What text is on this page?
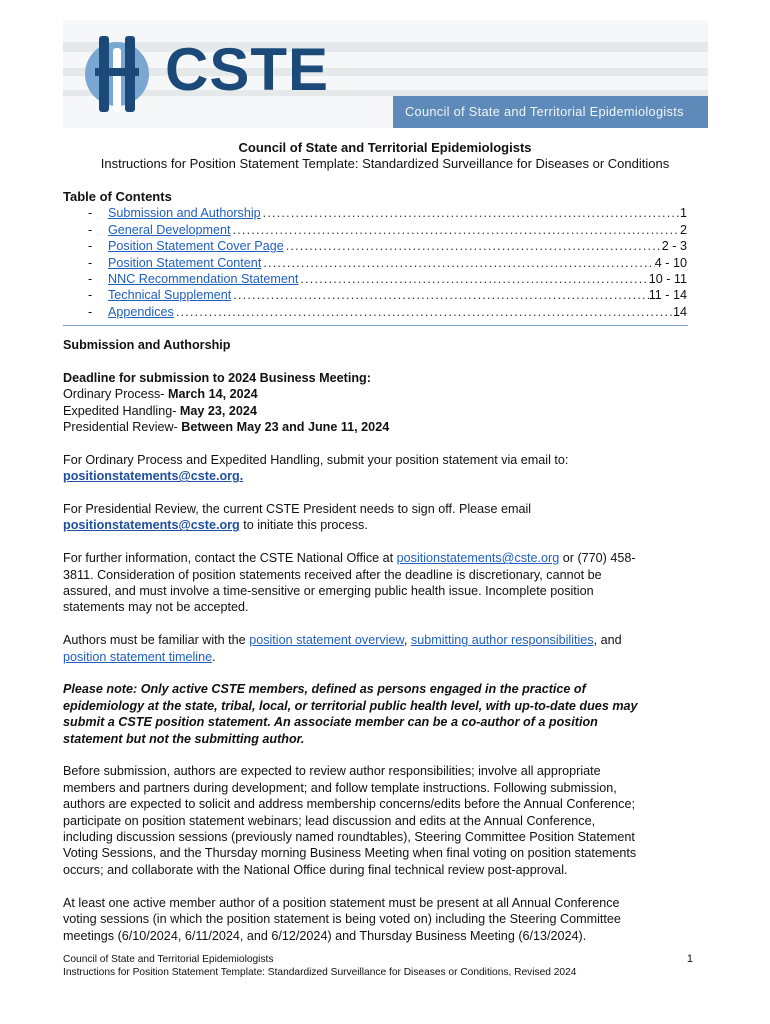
CSTE
Council of State and Territorial Epidemiologists
Council of State and Territorial Epidemiologists
Instructions for Position Statement Template: Standardized Surveillance for Diseases or Conditions
Table of Contents
-	Submission and Authorship .....	1
-	General Development .....	2
-	Position Statement Cover Page .....	2 - 3
-	Position Statement Content .....	4 - 10
-	NNC Recommendation Statement .....	10 - 11
-	Technical Supplement .....	11 - 14
-	Appendices .....	14

Submission and Authorship

Deadline for submission to 2024 Business Meeting:

Ordinary Process- March 14, 2024

Expedited Handling- May 23, 2024

Presidential Review- Between May 23 and June 11, 2024

For Ordinary Process and Expedited Handling, submit your position statement via email to:

positionstatements@cste.org.

For Presidential Review, the current CSTE President needs to sign off. Please email

positionstatements@cste.org to initiate this process.

For further information, contact the CSTE National Office at positionstatements@cste.org or (770) 458-

3811. Consideration of position statements received after the deadline is discretionary, cannot be

assured, and must involve a time-sensitive or emerging public health issue. Incomplete position

statements may not be accepted.

Authors must be familiar with the position statement overview, submitting author responsibilities, and

position statement timeline.

Please note: Only active CSTE members, defined as persons engaged in the practice of

epidemiology at the state, tribal, local, or territorial public health level, with up-to-date dues may

submit a CSTE position statement. An associate member can be a co-author of a position

statement but not the submitting author.

Before submission, authors are expected to review author responsibilities; involve all appropriate

members and partners during development; and follow template instructions. Following submission,

authors are expected to solicit and address membership concerns/edits before the Annual Conference;

participate on position statement webinars; lead discussion and edits at the Annual Conference,

including discussion sessions (previously named roundtables), Steering Committee Position Statement

Voting Sessions, and the Thursday morning Business Meeting when final voting on position statements

occurs; and collaborate with the National Office during final technical review post-approval.

At least one active member author of a position statement must be present at all Annual Conference

voting sessions (in which the position statement is being voted on) including the Steering Committee

meetings (6/10/2024, 6/11/2024, and 6/12/2024) and Thursday Business Meeting (6/13/2024).

Council of State and Territorial Epidemiologists
Instructions for Position Statement Template: Standardized Surveillance for Diseases or Conditions, Revised 2024
1
